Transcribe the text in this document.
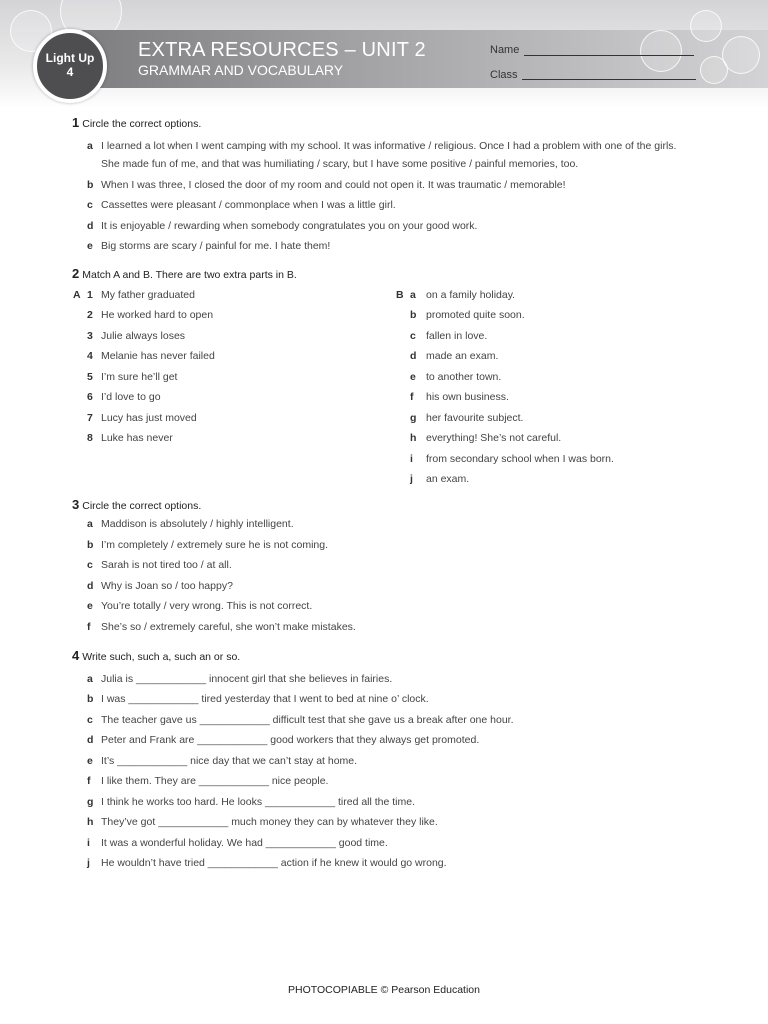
Light Up
4
EXTRA RESOURCES – UNIT 2
GRAMMAR AND VOCABULARY
Name
Class
1 Circle the correct options.
a I learned a lot when I went camping with my school. It was informative / religious. Once I had a problem with one of the girls.
She made fun of me, and that was humiliating / scary, but I have some positive / painful memories, too.
b When I was three, I closed the door of my room and could not open it. It was traumatic / memorable!
c Cassettes were pleasant / commonplace when I was a little girl.
d It is enjoyable / rewarding when somebody congratulates you on your good work.
e Big storms are scary / painful for me. I hate them!
2 Match A and B. There are two extra parts in B.
A	B
1 My father graduated
2 He worked hard to open
3 Julie always loses
4 Melanie has never failed
5 I’m sure he’ll get
6 I’d love to go
7 Lucy has just moved
8 Luke has never
a on a family holiday.
b promoted quite soon.
c fallen in love.
d made an exam.
e to another town.
f his own business.
g her favourite subject.
h everything! She’s not careful.
i from secondary school when I was born.
j an exam.
3 Circle the correct options.
a Maddison is absolutely / highly intelligent.
b I’m completely / extremely sure he is not coming.
c Sarah is not tired too / at all.
d Why is Joan so / too happy?
e You’re totally / very wrong. This is not correct.
f She’s so / extremely careful, she won’t make mistakes.
4 Write such, such a, such an or so.
a Julia is ____________ innocent girl that she believes in fairies.
b I was ____________ tired yesterday that I went to bed at nine o’ clock.
c The teacher gave us ____________ difficult test that she gave us a break after one hour.
d Peter and Frank are ____________ good workers that they always get promoted.
e It’s ____________ nice day that we can’t stay at home.
f I like them. They are ____________ nice people.
g I think he works too hard. He looks ____________ tired all the time.
h They’ve got ____________ much money they can by whatever they like.
i It was a wonderful holiday. We had ____________ good time.
j He wouldn’t have tried ____________ action if he knew it would go wrong.
PHOTOCOPIABLE © Pearson Education
